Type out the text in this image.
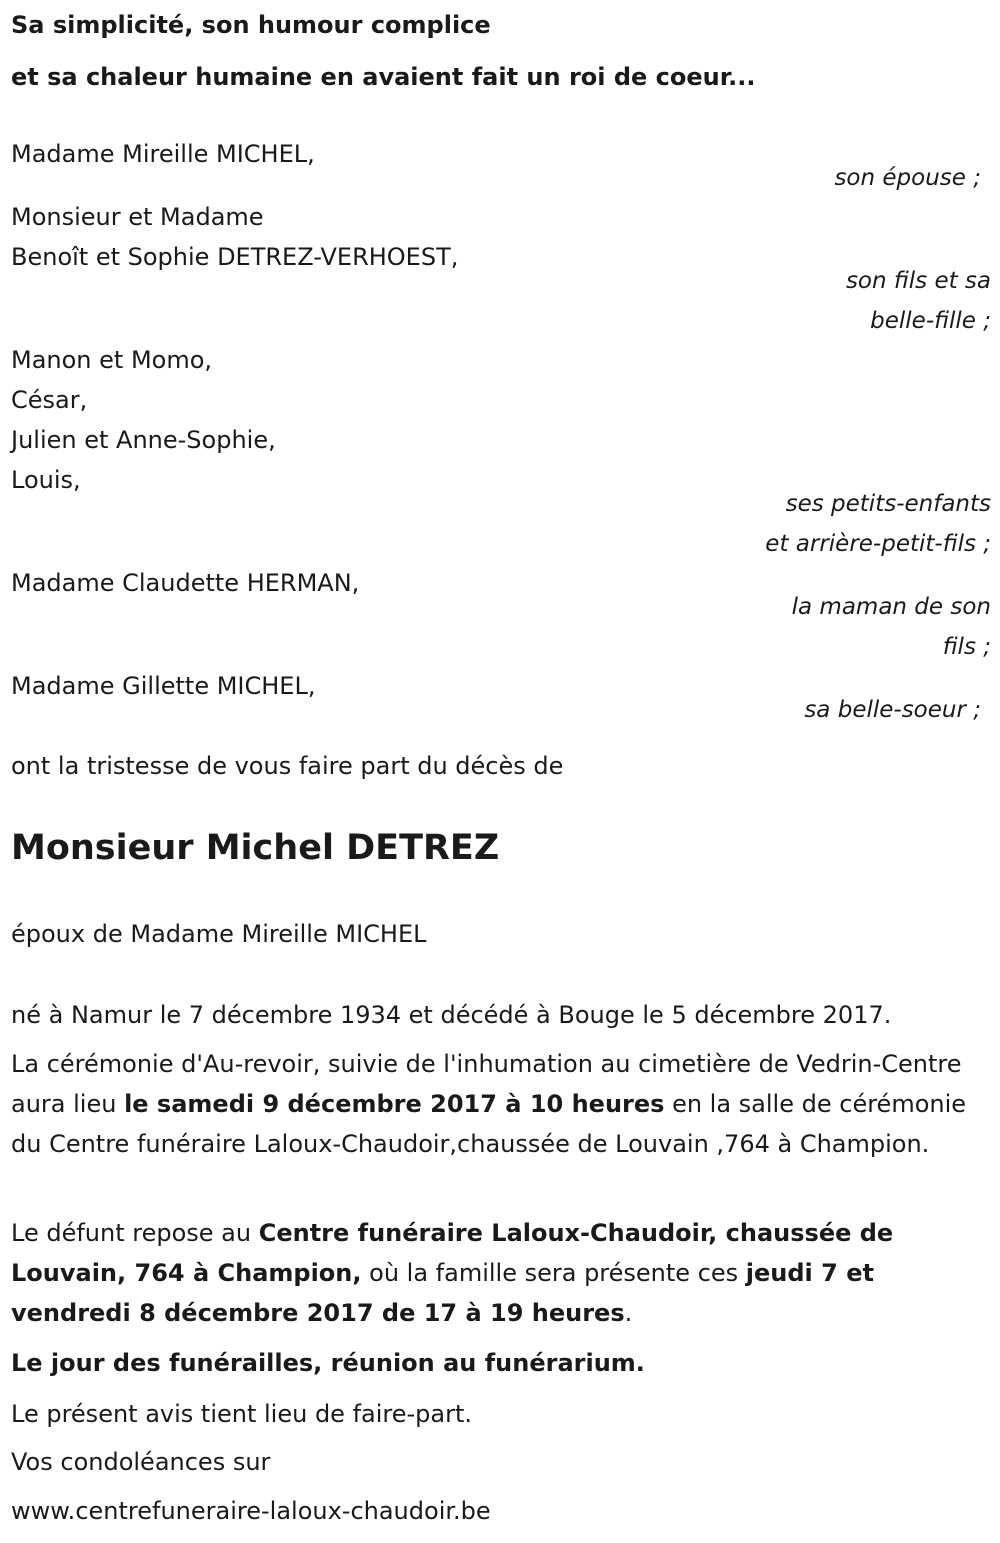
Sa simplicité, son humour complice
et sa chaleur humaine en avaient fait un roi de coeur...
Madame Mireille MICHEL,
son épouse ;
Monsieur et Madame
Benoît et Sophie DETREZ-VERHOEST,
son fils et sa
belle-fille ;
Manon et Momo,
César,
Julien et Anne-Sophie,
Louis,
ses petits-enfants
et arrière-petit-fils ;
Madame Claudette HERMAN,
la maman de son
fils ;
Madame Gillette MICHEL,
sa belle-soeur ;
ont la tristesse de vous faire part du décès de
Monsieur Michel DETREZ
époux de Madame Mireille MICHEL
né à Namur le 7 décembre 1934 et décédé à Bouge le 5 décembre 2017.

La cérémonie d'Au-revoir, suivie de l'inhumation au cimetière de Vedrin-Centre aura lieu le samedi 9 décembre 2017 à 10 heures en la salle de cérémonie du Centre funéraire Laloux-Chaudoir,chaussée de Louvain ,764 à Champion.

Le défunt repose au Centre funéraire Laloux-Chaudoir, chaussée de Louvain, 764 à Champion, où la famille sera présente ces jeudi 7 et vendredi 8 décembre 2017 de 17 à 19 heures.

Le jour des funérailles, réunion au funérarium.
Le présent avis tient lieu de faire-part.
Vos condoléances sur
www.centrefuneraire-laloux-chaudoir.be
